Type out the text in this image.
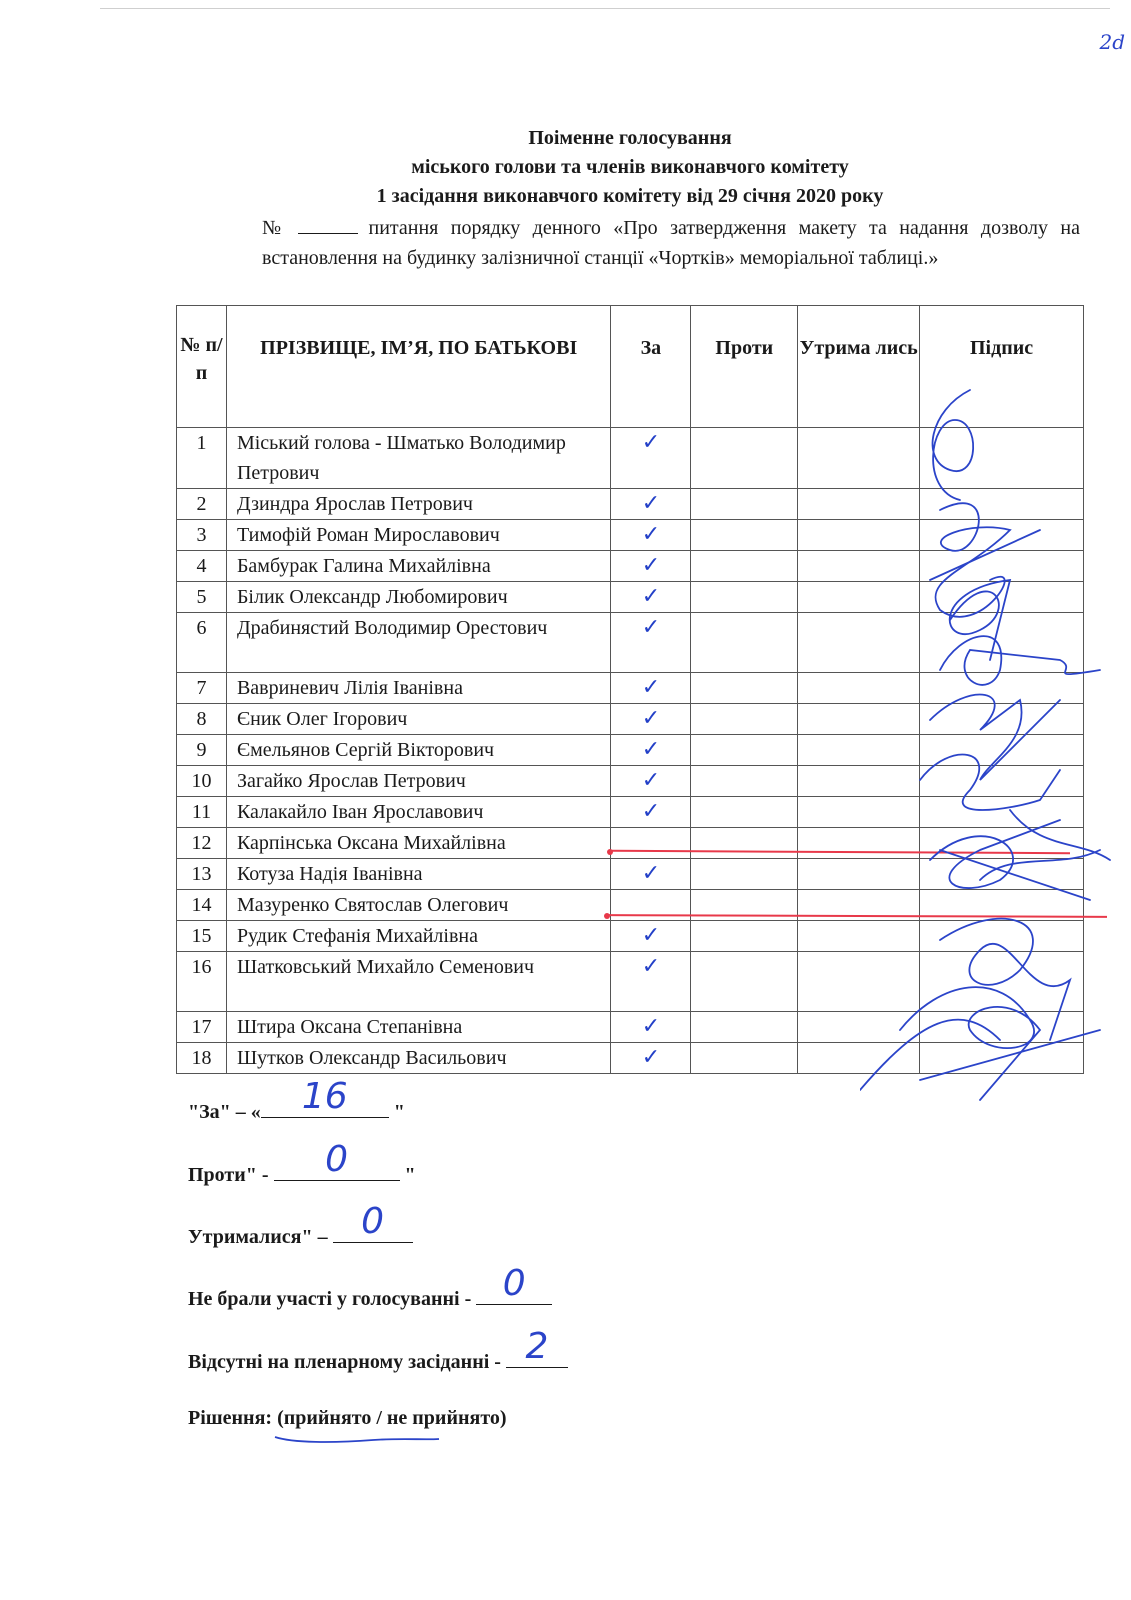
2d
Поіменне голосування
міського голови та членів виконавчого комітету
1 засідання виконавчого комітету від 29 січня 2020 року
№	питання порядку денного «Про затвердження макету та надання дозволу на встановлення на будинку залізничної станції «Чортків» меморіальної таблиці.»
№ п/ п	ПРІЗВИЩЕ, ІМ’Я, ПО БАТЬКОВІ	За	Проти	Утрима лись	Підпис
1	Міський голова - Шматько Володимир Петрович	✓			
2	Дзиндра Ярослав Петрович	✓			
3	Тимофій Роман Мирославович	✓			
4	Бамбурак Галина Михайлівна	✓			
5	Білик Олександр Любомирович	✓			
6	Драбинястий Володимир Орестович	✓			
7	Вавриневич Лілія Іванівна	✓			
8	Єник Олег Ігорович	✓			
9	Ємельянов Сергій Вікторович	✓			
10	Загайко Ярослав Петрович	✓			
11	Калакайло Іван Ярославович	✓			
12	Карпінська Оксана Михайлівна				
13	Котуза Надія Іванівна	✓			
14	Мазуренко Святослав Олегович				
15	Рудик Стефанія Михайлівна	✓			
16	Шатковський Михайло Семенович	✓			
17	Штира Оксана Степанівна	✓			
18	Шутков Олександр Васильович	✓			
"За" – «	16	"
Проти" -	0	"
Утрималися" – 0
Не брали участі у голосуванні - 0
Відсутні на пленарному засіданні - 2
Рішення: (прийнято / не прийнято)
